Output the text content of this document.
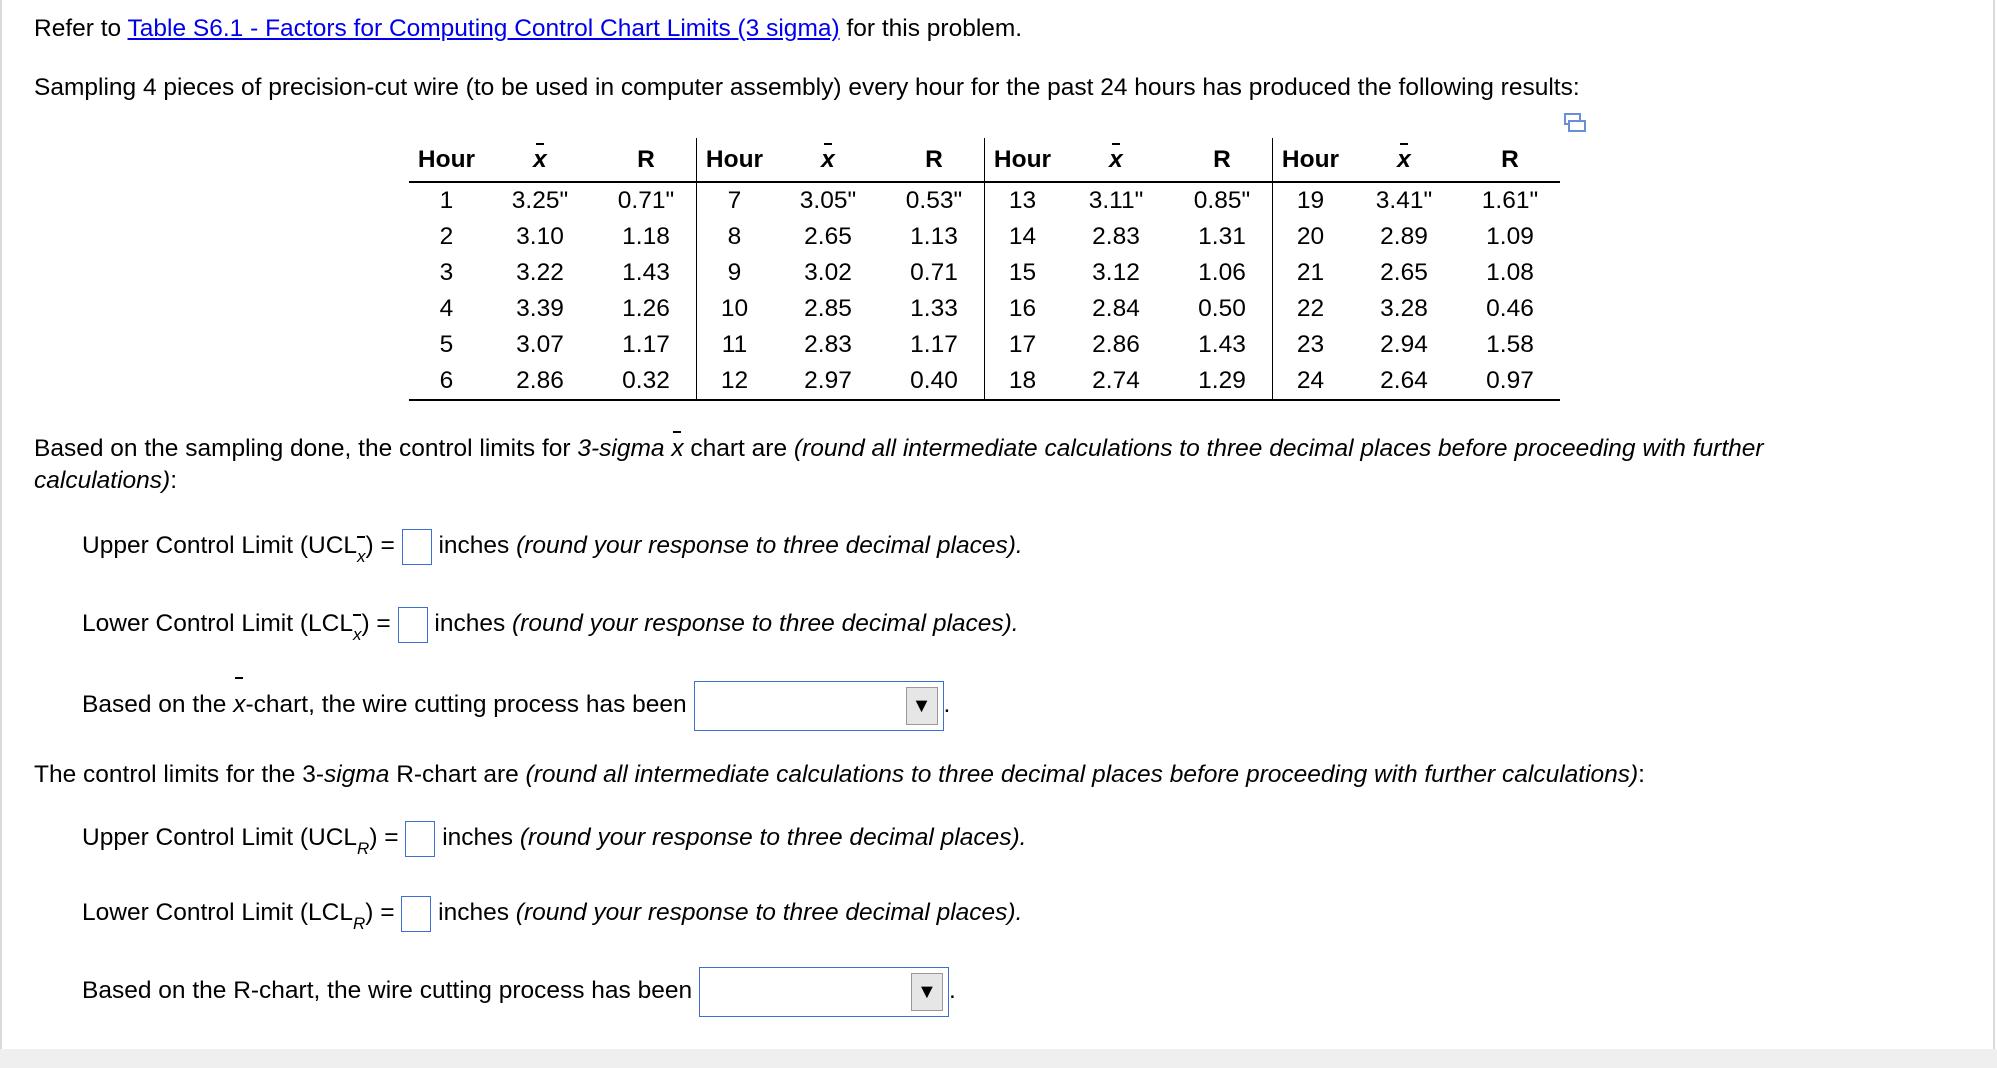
Refer to Table S6.1 - Factors for Computing Control Chart Limits (3 sigma) for this problem.
Sampling 4 pieces of precision-cut wire (to be used in computer assembly) every hour for the past 24 hours has produced the following results:
Hour	x	R	Hour	x	R	Hour	x	R	Hour	x	R
1	3.25"	0.71"	7	3.05"	0.53"	13	3.11"	0.85"	19	3.41"	1.61"
2	3.10	1.18	8	2.65	1.13	14	2.83	1.31	20	2.89	1.09
3	3.22	1.43	9	3.02	0.71	15	3.12	1.06	21	2.65	1.08
4	3.39	1.26	10	2.85	1.33	16	2.84	0.50	22	3.28	0.46
5	3.07	1.17	11	2.83	1.17	17	2.86	1.43	23	2.94	1.58
6	2.86	0.32	12	2.97	0.40	18	2.74	1.29	24	2.64	0.97
Based on the sampling done, the control limits for 3-sigma x chart are (round all intermediate calculations to three decimal places before proceeding with further
calculations):
Upper Control Limit $(UCL_x)$ = inches (round your response to three decimal places).
Lower Control Limit $(LCL_x)$ = inches (round your response to three decimal places).
Based on the x-chart, the wire cutting process has been	▼ .
The control limits for the 3-sigma R-chart are (round all intermediate calculations to three decimal places before proceeding with further calculations):
Upper Control Limit $(UCL_R)$ = inches (round your response to three decimal places).
Lower Control Limit $(LCL_R)$ = inches (round your response to three decimal places).
Based on the R-chart, the wire cutting process has been	▼ .
